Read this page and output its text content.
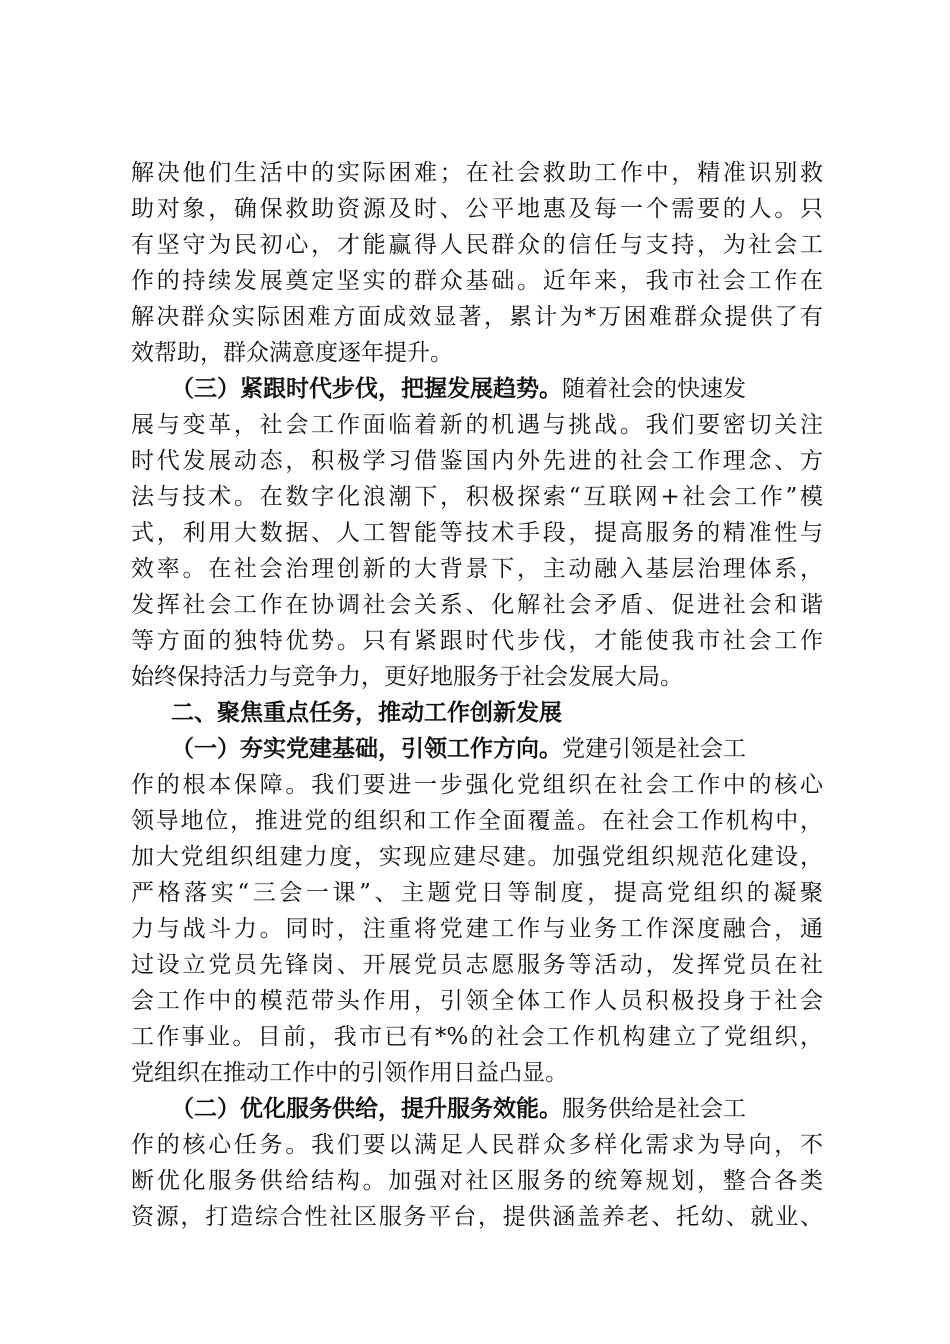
解决他们生活中的实际困难；在社会救助工作中，精准识别救
助对象，确保救助资源及时、公平地惠及每一个需要的人。只
有坚守为民初心，才能赢得人民群众的信任与支持，为社会工
作的持续发展奠定坚实的群众基础。近年来，我市社会工作在
解决群众实际困难方面成效显著，累计为*万困难群众提供了有
效帮助，群众满意度逐年提升。
（三）紧跟时代步伐，把握发展趋势。随着社会的快速发
展与变革，社会工作面临着新的机遇与挑战。我们要密切关注
时代发展动态，积极学习借鉴国内外先进的社会工作理念、方
法与技术。在数字化浪潮下，积极探索“互联网+社会工作”模
式，利用大数据、人工智能等技术手段，提高服务的精准性与
效率。在社会治理创新的大背景下，主动融入基层治理体系，
发挥社会工作在协调社会关系、化解社会矛盾、促进社会和谐
等方面的独特优势。只有紧跟时代步伐，才能使我市社会工作
始终保持活力与竞争力，更好地服务于社会发展大局。
二、聚焦重点任务，推动工作创新发展
（一）夯实党建基础，引领工作方向。党建引领是社会工
作的根本保障。我们要进一步强化党组织在社会工作中的核心
领导地位，推进党的组织和工作全面覆盖。在社会工作机构中，
加大党组织组建力度，实现应建尽建。加强党组织规范化建设，
严格落实“三会一课”、主题党日等制度，提高党组织的凝聚
力与战斗力。同时，注重将党建工作与业务工作深度融合，通
过设立党员先锋岗、开展党员志愿服务等活动，发挥党员在社
会工作中的模范带头作用，引领全体工作人员积极投身于社会
工作事业。目前，我市已有*%的社会工作机构建立了党组织，
党组织在推动工作中的引领作用日益凸显。
（二）优化服务供给，提升服务效能。服务供给是社会工
作的核心任务。我们要以满足人民群众多样化需求为导向，不
断优化服务供给结构。加强对社区服务的统筹规划，整合各类
资源，打造综合性社区服务平台，提供涵盖养老、托幼、就业、
